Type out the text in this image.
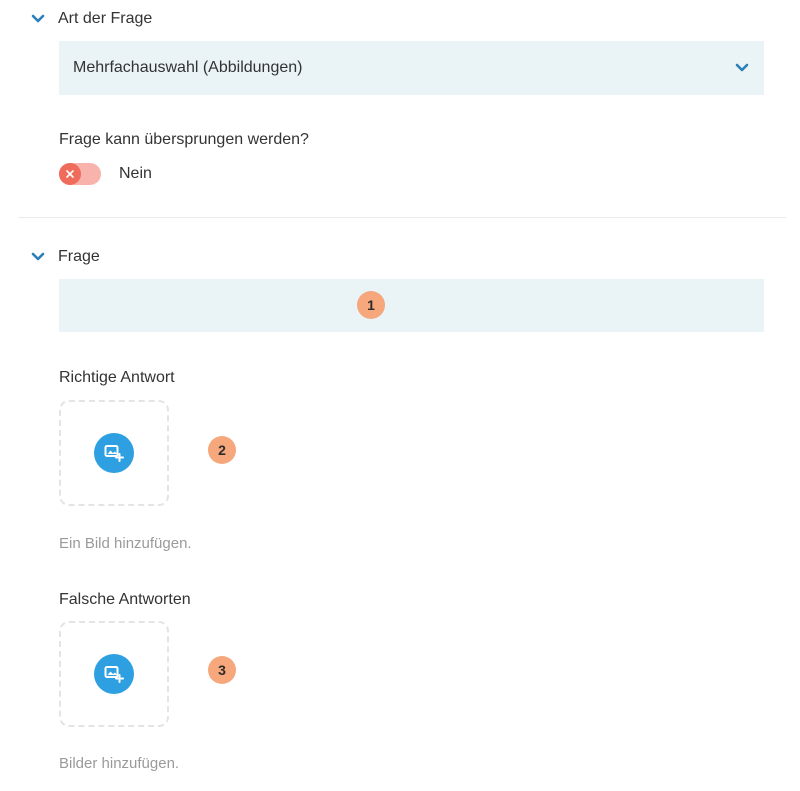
Art der Frage
Mehrfachauswahl (Abbildungen)
Frage kann übersprungen werden?
Nein
Frage
1
Richtige Antwort
2
Ein Bild hinzufügen.
Falsche Antworten
3
Bilder hinzufügen.
